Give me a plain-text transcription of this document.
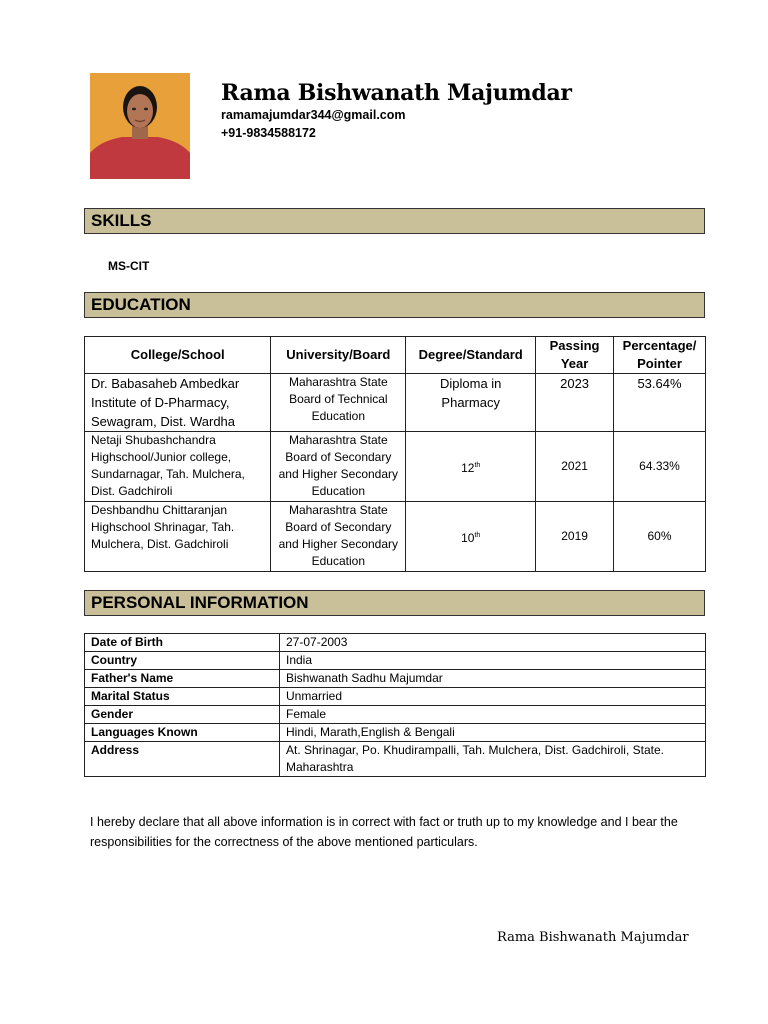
Rama Bishwanath Majumdar
ramamajumdar344@gmail.com
+91-9834588172
SKILLS
MS-CIT
EDUCATION
College/School	University/Board	Degree/Standard	Passing Year	Percentage/ Pointer
Dr. Babasaheb Ambedkar Institute of D-Pharmacy, Sewagram, Dist. Wardha	Maharashtra State Board of Technical Education	Diploma in Pharmacy	2023	53.64%
Netaji Shubashchandra Highschool/Junior college, Sundarnagar, Tah. Mulchera, Dist. Gadchiroli	Maharashtra State Board of Secondary and Higher Secondary Education	12th	2021	64.33%
Deshbandhu Chittaranjan Highschool Shrinagar, Tah. Mulchera, Dist. Gadchiroli	Maharashtra State Board of Secondary and Higher Secondary Education	10th	2019	60%
PERSONAL INFORMATION
Date of Birth	27-07-2003
Country	India
Father's Name	Bishwanath Sadhu Majumdar
Marital Status	Unmarried
Gender	Female
Languages Known	Hindi, Marath,English & Bengali
Address	At. Shrinagar, Po. Khudirampalli, Tah. Mulchera, Dist. Gadchiroli, State. Maharashtra
I hereby declare that all above information is in correct with fact or truth up to my knowledge and I bear the responsibilities for the correctness of the above mentioned particulars.
Rama Bishwanath Majumdar
